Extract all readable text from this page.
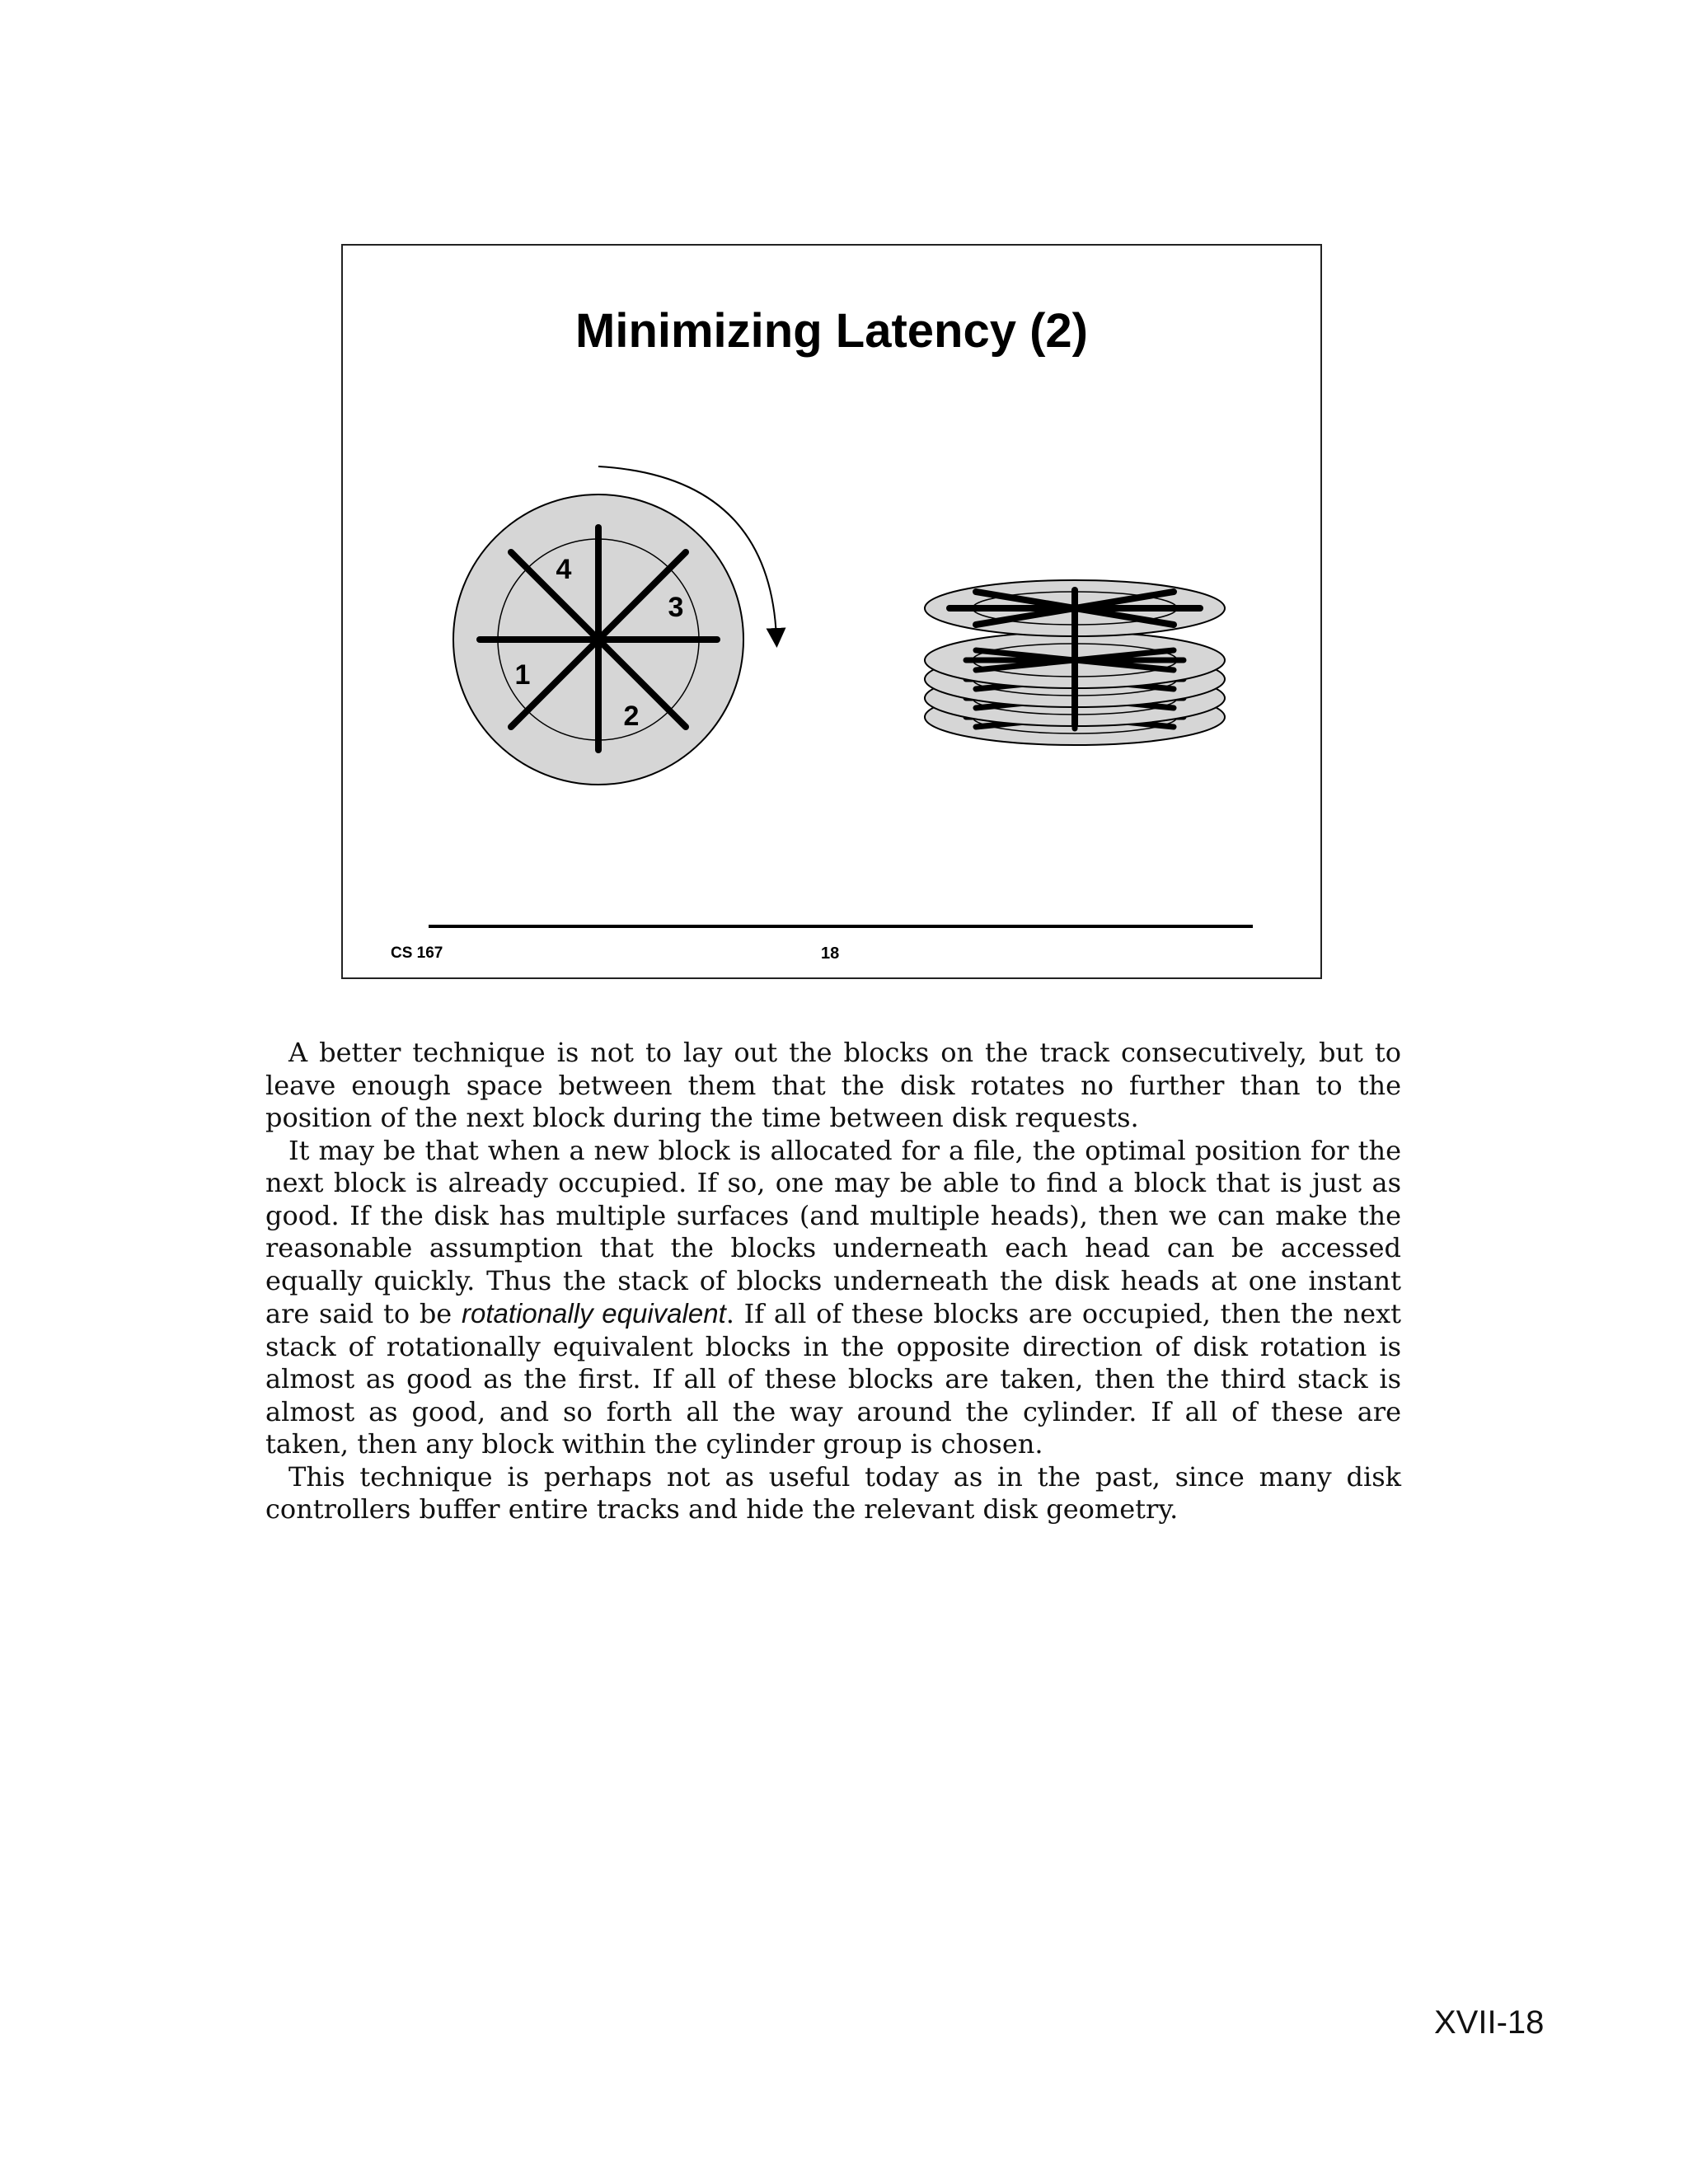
Minimizing Latency (2)
4
3
1
2
CS 167	18

A better technique is not to lay out the blocks on the track consecutively, but to leave enough space between them that the disk rotates no further than to the position of the next block during the time between disk requests.

It may be that when a new block is allocated for a file, the optimal position for the next block is already occupied. If so, one may be able to find a block that is just as good. If the disk has multiple surfaces (and multiple heads), then we can make the reasonable assumption that the blocks underneath each head can be accessed equally quickly. Thus the stack of blocks underneath the disk heads at one instant are said to be rotationally equivalent. If all of these blocks are occupied, then the next stack of rotationally equivalent blocks in the opposite direction of disk rotation is almost as good as the first. If all of these blocks are taken, then the third stack is almost as good, and so forth all the way around the cylinder. If all of these are taken, then any block within the cylinder group is chosen.

This technique is perhaps not as useful today as in the past, since many disk controllers buffer entire tracks and hide the relevant disk geometry.

XVII-18
